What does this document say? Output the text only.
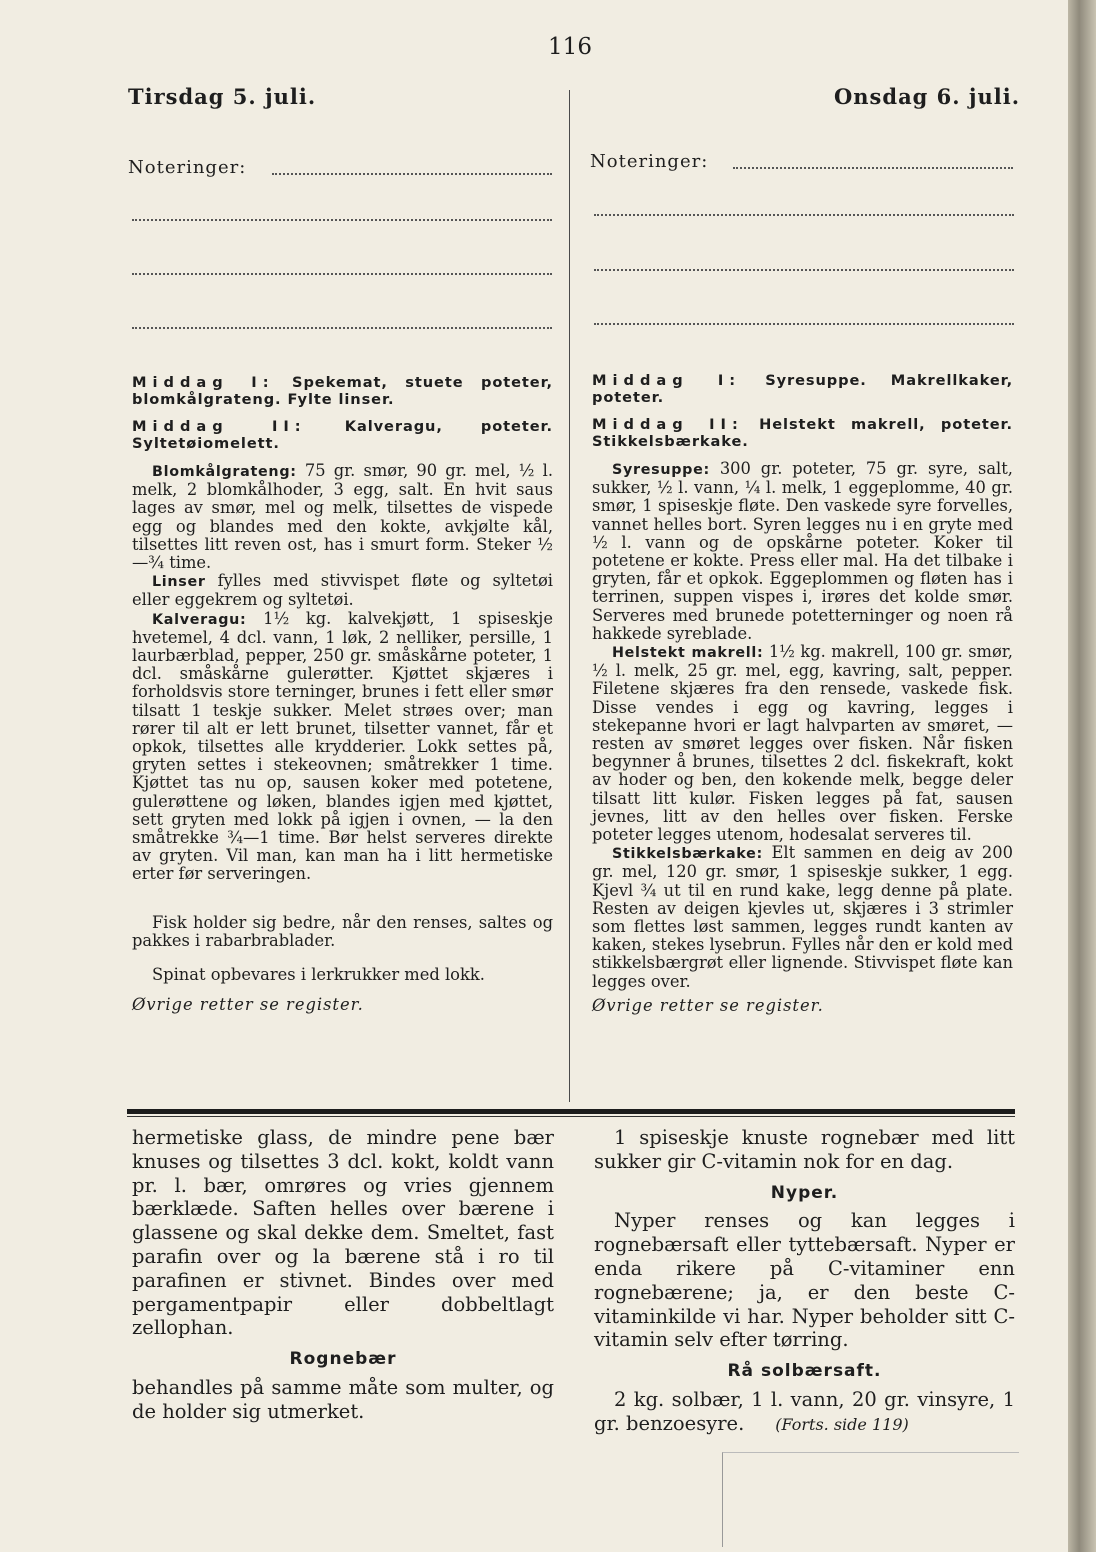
116
Tirsdag 5. juli.	Onsdag 6. juli.
Noteringer:	Noteringer:

Middag I: Spekemat, stuete poteter, blomkålgrateng. Fylte linser.

Middag II:	Kalveragu, poteter. Syltetøiomelett.

Blomkålgrateng: 75 gr. smør, 90 gr. mel, ½ l. melk, 2 blomkålhoder, 3 egg, salt. En hvit saus lages av smør, mel og melk, tilsettes de vispede egg og blandes med den kokte, avkjølte kål, tilsettes litt reven ost, has i smurt form. Steker ½—¾ time.

Linser fylles med stivvispet fløte og syltetøi eller eggekrem og syltetøi.

Kalveragu: 1½ kg. kalvekjøtt, 1 spiseskje hvetemel, 4 dcl. vann, 1 løk, 2 nelliker, persille, 1 laurbærblad, pepper, 250 gr. småskårne poteter, 1 dcl. småskårne gulerøtter. Kjøttet skjæres i forholdsvis store terninger, brunes i fett eller smør tilsatt 1 teskje sukker. Melet strøes over; man rører til alt er lett brunet, tilsetter vannet, får et opkok, tilsettes alle krydderier. Lokk settes på, gryten settes i stekeovnen; småtrekker 1 time. Kjøttet tas nu op, sausen koker med potetene, gulerøttene og løken, blandes igjen med kjøttet, sett gryten med lokk på igjen i ovnen, — la den småtrekke ¾—1 time. Bør helst serveres direkte av gryten. Vil man, kan man ha i litt hermetiske erter før serveringen.

Fisk holder sig bedre, når den renses, saltes og pakkes i rabarbrablader.

Spinat opbevares i lerkrukker med lokk.

Øvrige retter se register.

Middag I: Syresuppe. Makrellkaker, poteter.

Middag II: Helstekt makrell, poteter. Stikkelsbærkake.

Syresuppe: 300 gr. poteter, 75 gr. syre, salt, sukker, ½ l. vann, ¼ l. melk, 1 eggeplomme, 40 gr. smør, 1 spiseskje fløte. Den vaskede syre forvelles, vannet helles bort. Syren legges nu i en gryte med ½ l. vann og de opskårne poteter. Koker til potetene er kokte. Press eller mal. Ha det tilbake i gryten, får et opkok. Eggeplommen og fløten has i terrinen, suppen vispes i, irøres det kolde smør. Serveres med brunede potetterninger og noen rå hakkede syreblade.

Helstekt makrell: 1½ kg. makrell, 100 gr. smør, ½ l. melk, 25 gr. mel, egg, kavring, salt, pepper. Filetene skjæres fra den rensede, vaskede fisk. Disse vendes i egg og kavring, legges i stekepanne hvori er lagt halvparten av smøret, — resten av smøret legges over fisken. Når fisken begynner å brunes, tilsettes 2 dcl. fiskekraft, kokt av hoder og ben, den kokende melk, begge deler tilsatt litt kulør. Fisken legges på fat, sausen jevnes, litt av den helles over fisken. Ferske poteter legges utenom, hodesalat serveres til.

Stikkelsbærkake: Elt sammen en deig av 200 gr. mel, 120 gr. smør, 1 spiseskje sukker, 1 egg. Kjevl ¾ ut til en rund kake, legg denne på plate. Resten av deigen kjevles ut, skjæres i 3 strimler som flettes løst sammen, legges rundt kanten av kaken, stekes lysebrun. Fylles når den er kold med stikkelsbærgrøt eller lignende. Stivvispet fløte kan legges over.

Øvrige retter se register.

hermetiske glass, de mindre pene bær knuses og tilsettes 3 dcl. kokt, koldt vann pr. l. bær, omrøres og vries gjennem bærklæde. Saften helles over bærene i glassene og skal dekke dem. Smeltet, fast parafin over og la bærene stå i ro til parafinen er stivnet. Bindes over med pergamentpapir eller dobbeltlagt zellophan.

Rognebær

behandles på samme måte som multer, og de holder sig utmerket.

1 spiseskje knuste rognebær med litt sukker gir C-vitamin nok for en dag.

Nyper.

Nyper renses og kan legges i rognebærsaft eller tyttebærsaft. Nyper er enda rikere på C-vitaminer enn rognebærene; ja, er den beste C-vitaminkilde vi har. Nyper beholder sitt C-vitamin selv efter tørring.

Rå solbærsaft.

2 kg. solbær, 1 l. vann, 20 gr. vinsyre, 1 gr. benzoesyre. (Forts. side 119)
